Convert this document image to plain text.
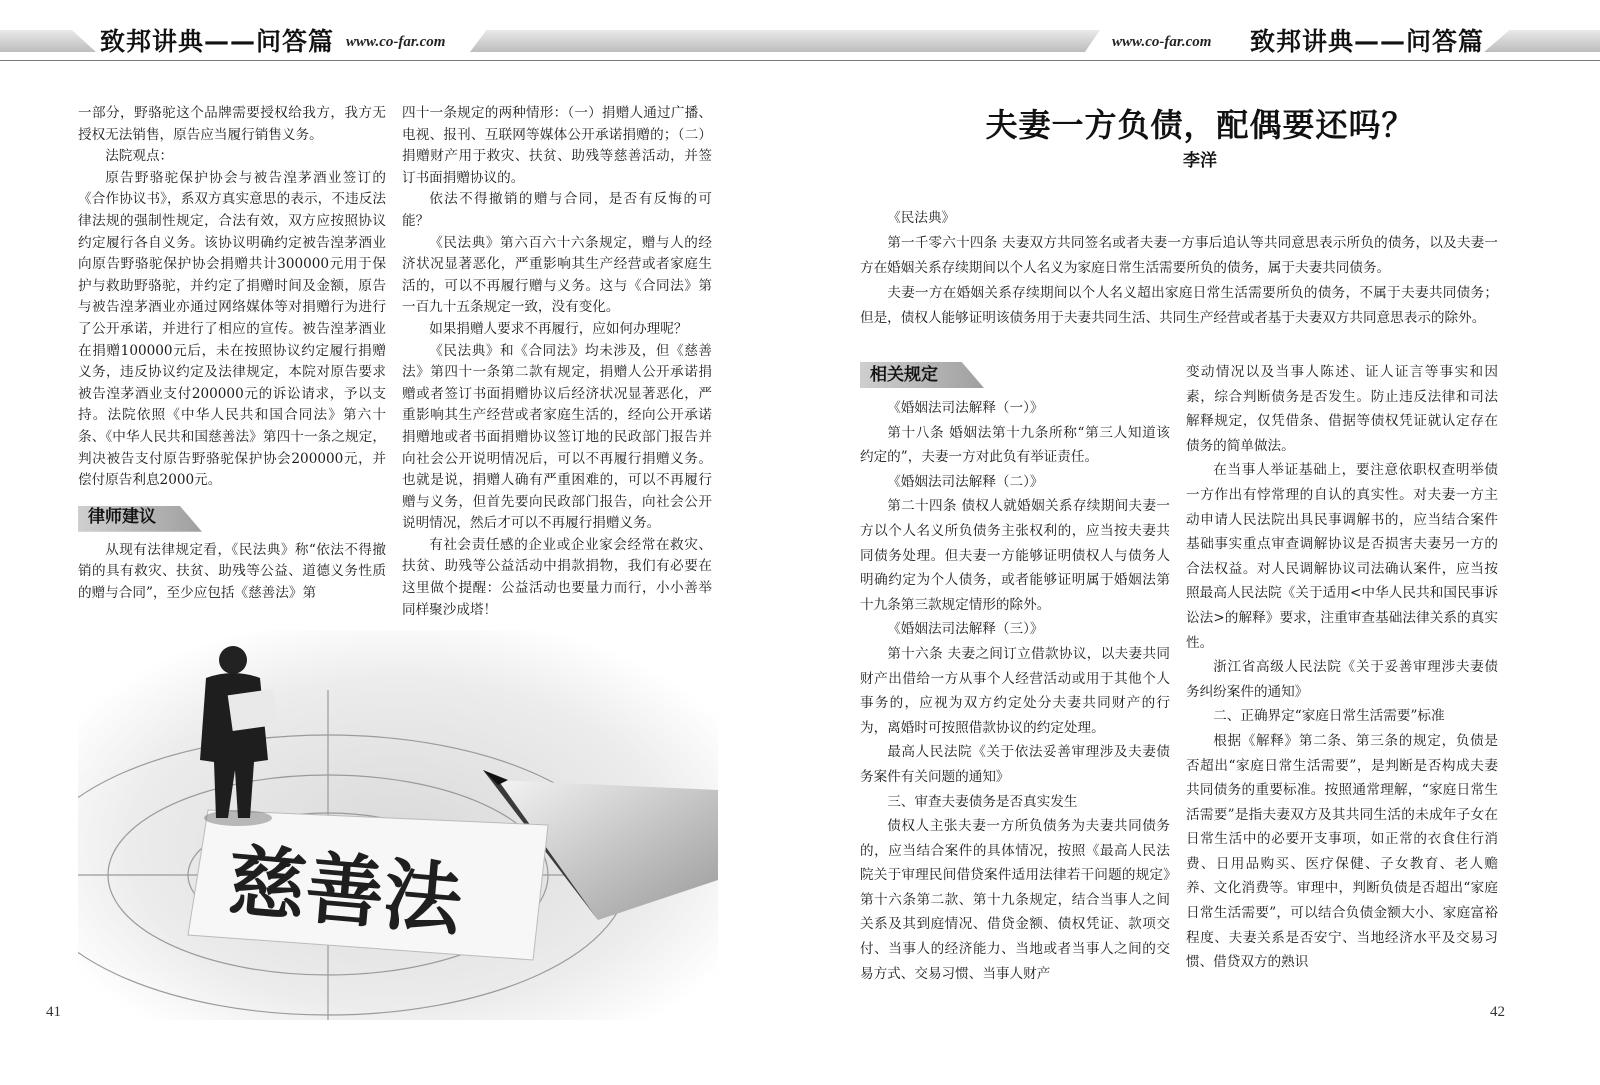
致邦讲典——问答篇 www.co-far.com

一部分，野骆驼这个品牌需要授权给我方，我方无授权无法销售，原告应当履行销售义务。

法院观点：

原告野骆驼保护协会与被告湟茅酒业签订的《合作协议书》，系双方真实意思的表示，不违反法律法规的强制性规定，合法有效，双方应按照协议约定履行各自义务。该协议明确约定被告湟茅酒业向原告野骆驼保护协会捐赠共计300000元用于保护与救助野骆驼，并约定了捐赠时间及金额，原告与被告湟茅酒业亦通过网络媒体等对捐赠行为进行了公开承诺，并进行了相应的宣传。被告湟茅酒业在捐赠100000元后，未在按照协议约定履行捐赠义务，违反协议约定及法律规定，本院对原告要求被告湟茅酒业支付200000元的诉讼请求，予以支持。法院依照《中华人民共和国合同法》第六十条、《中华人民共和国慈善法》第四十一条之规定，判决被告支付原告野骆驼保护协会200000元，并偿付原告利息2000元。

律师建议

从现有法律规定看，《民法典》称“依法不得撤销的具有救灾、扶贫、助残等公益、道德义务性质的赠与合同”，至少应包括《慈善法》第

四十一条规定的两种情形：（一）捐赠人通过广播、电视、报刊、互联网等媒体公开承诺捐赠的；（二）捐赠财产用于救灾、扶贫、助残等慈善活动，并签订书面捐赠协议的。

依法不得撤销的赠与合同，是否有反悔的可能？

《民法典》第六百六十六条规定，赠与人的经济状况显著恶化，严重影响其生产经营或者家庭生活的，可以不再履行赠与义务。这与《合同法》第一百九十五条规定一致，没有变化。

如果捐赠人要求不再履行，应如何办理呢？

《民法典》和《合同法》均未涉及，但《慈善法》第四十一条第二款有规定，捐赠人公开承诺捐赠或者签订书面捐赠协议后经济状况显著恶化，严重影响其生产经营或者家庭生活的，经向公开承诺捐赠地或者书面捐赠协议签订地的民政部门报告并向社会公开说明情况后，可以不再履行捐赠义务。也就是说，捐赠人确有严重困难的，可以不再履行赠与义务，但首先要向民政部门报告，向社会公开说明情况，然后才可以不再履行捐赠义务。

有社会责任感的企业或企业家会经常在救灾、扶贫、助残等公益活动中捐款捐物，我们有必要在这里做个提醒：公益活动也要量力而行，小小善举同样聚沙成塔！

慈善法
41
www.co-far.com 致邦讲典——问答篇
夫妻一方负债，配偶要还吗？
李洋

《民法典》

第一千零六十四条 夫妻双方共同签名或者夫妻一方事后追认等共同意思表示所负的债务，以及夫妻一方在婚姻关系存续期间以个人名义为家庭日常生活需要所负的债务，属于夫妻共同债务。

夫妻一方在婚姻关系存续期间以个人名义超出家庭日常生活需要所负的债务，不属于夫妻共同债务；但是，债权人能够证明该债务用于夫妻共同生活、共同生产经营或者基于夫妻双方共同意思表示的除外。

相关规定

《婚姻法司法解释（一）》

第十八条 婚姻法第十九条所称“第三人知道该约定的”，夫妻一方对此负有举证责任。

《婚姻法司法解释（二）》

第二十四条 债权人就婚姻关系存续期间夫妻一方以个人名义所负债务主张权利的，应当按夫妻共同债务处理。但夫妻一方能够证明债权人与债务人明确约定为个人债务，或者能够证明属于婚姻法第十九条第三款规定情形的除外。

《婚姻法司法解释（三）》

第十六条 夫妻之间订立借款协议，以夫妻共同财产出借给一方从事个人经营活动或用于其他个人事务的，应视为双方约定处分夫妻共同财产的行为，离婚时可按照借款协议的约定处理。

最高人民法院《关于依法妥善审理涉及夫妻债务案件有关问题的通知》

三、审查夫妻债务是否真实发生

债权人主张夫妻一方所负债务为夫妻共同债务的，应当结合案件的具体情况，按照《最高人民法院关于审理民间借贷案件适用法律若干问题的规定》第十六条第二款、第十九条规定，结合当事人之间关系及其到庭情况、借贷金额、债权凭证、款项交付、当事人的经济能力、当地或者当事人之间的交易方式、交易习惯、当事人财产

变动情况以及当事人陈述、证人证言等事实和因素，综合判断债务是否发生。防止违反法律和司法解释规定，仅凭借条、借据等债权凭证就认定存在债务的简单做法。

在当事人举证基础上，要注意依职权查明举债一方作出有悖常理的自认的真实性。对夫妻一方主动申请人民法院出具民事调解书的，应当结合案件基础事实重点审查调解协议是否损害夫妻另一方的合法权益。对人民调解协议司法确认案件，应当按照最高人民法院《关于适用<中华人民共和国民事诉讼法>的解释》要求，注重审查基础法律关系的真实性。

浙江省高级人民法院《关于妥善审理涉夫妻债务纠纷案件的通知》

二、正确界定“家庭日常生活需要”标准

根据《解释》第二条、第三条的规定，负债是否超出“家庭日常生活需要”，是判断是否构成夫妻共同债务的重要标准。按照通常理解，“家庭日常生活需要”是指夫妻双方及其共同生活的未成年子女在日常生活中的必要开支事项，如正常的衣食住行消费、日用品购买、医疗保健、子女教育、老人赡养、文化消费等。审理中，判断负债是否超出“家庭日常生活需要”，可以结合负债金额大小、家庭富裕程度、夫妻关系是否安宁、当地经济水平及交易习惯、借贷双方的熟识

42
